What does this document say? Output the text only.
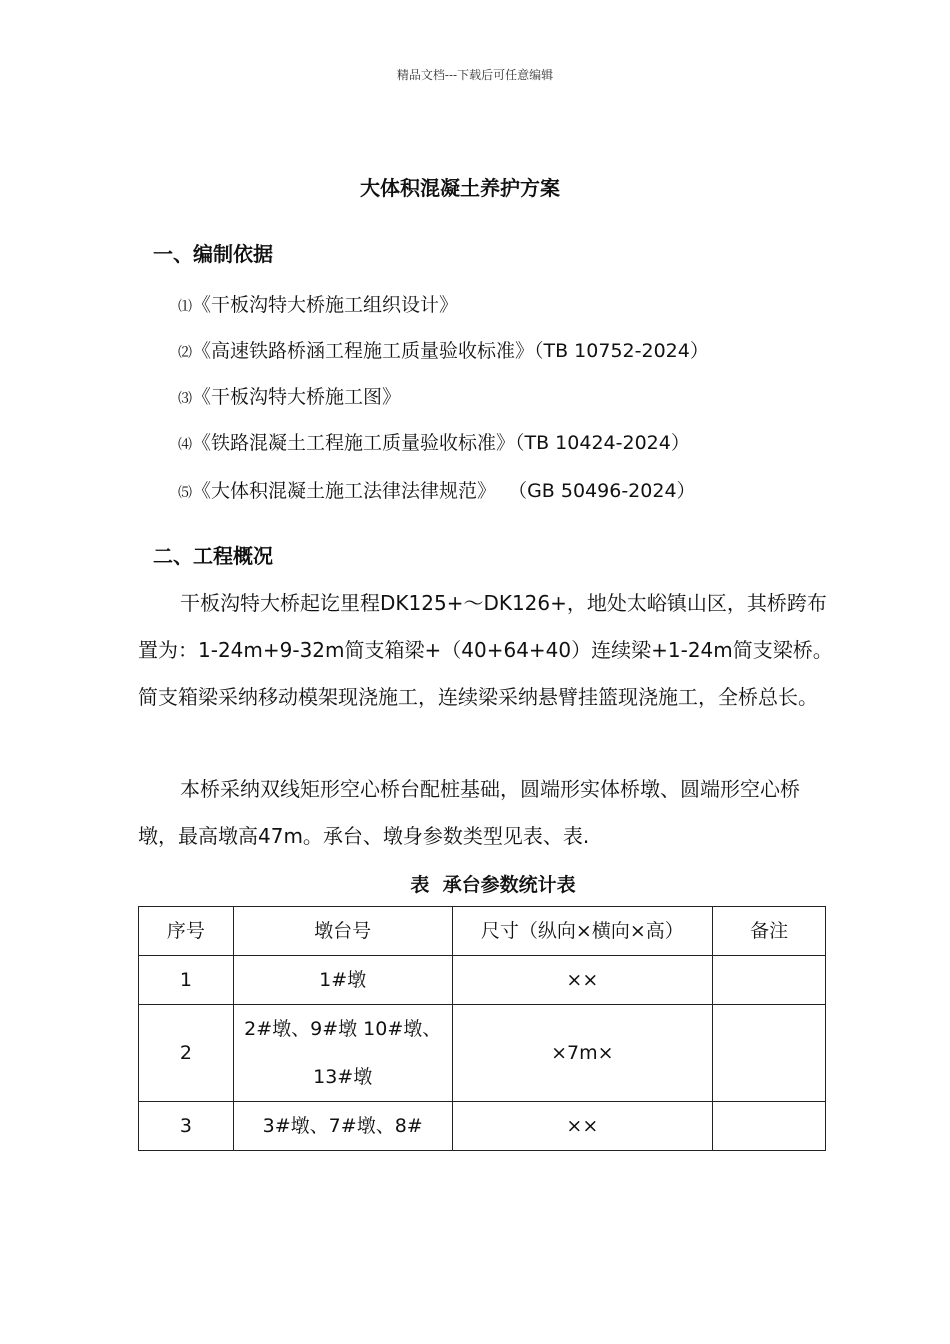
精品文档---下载后可任意编辑
大体积混凝土养护方案
一、编制依据
⑴《干板沟特大桥施工组织设计》
⑵《高速铁路桥涵工程施工质量验收标准》（TB 10752-2024）
⑶《干板沟特大桥施工图》
⑷《铁路混凝土工程施工质量验收标准》（TB 10424-2024）
⑸《大体积混凝土施工法律法律规范》  （GB 50496-2024）
二、工程概况

干板沟特大桥起讫里程DK125+～DK126+，地处太峪镇山区，其桥跨布置为：1-24m+9-32m简支箱梁+（40+64+40）连续梁+1-24m简支梁桥。简支箱梁采纳移动模架现浇施工，连续梁采纳悬臂挂篮现浇施工，全桥总长。

本桥采纳双线矩形空心桥台配桩基础，圆端形实体桥墩、圆端形空心桥墩，最高墩高47m。承台、墩身参数类型见表、表.

表  承台参数统计表
序号	墩台号	尺寸（纵向×横向×高）	备注
1	1#墩	××	
2	2#墩、9#墩 10#墩、13#墩	×7m×	
3	3#墩、7#墩、8#	××	
